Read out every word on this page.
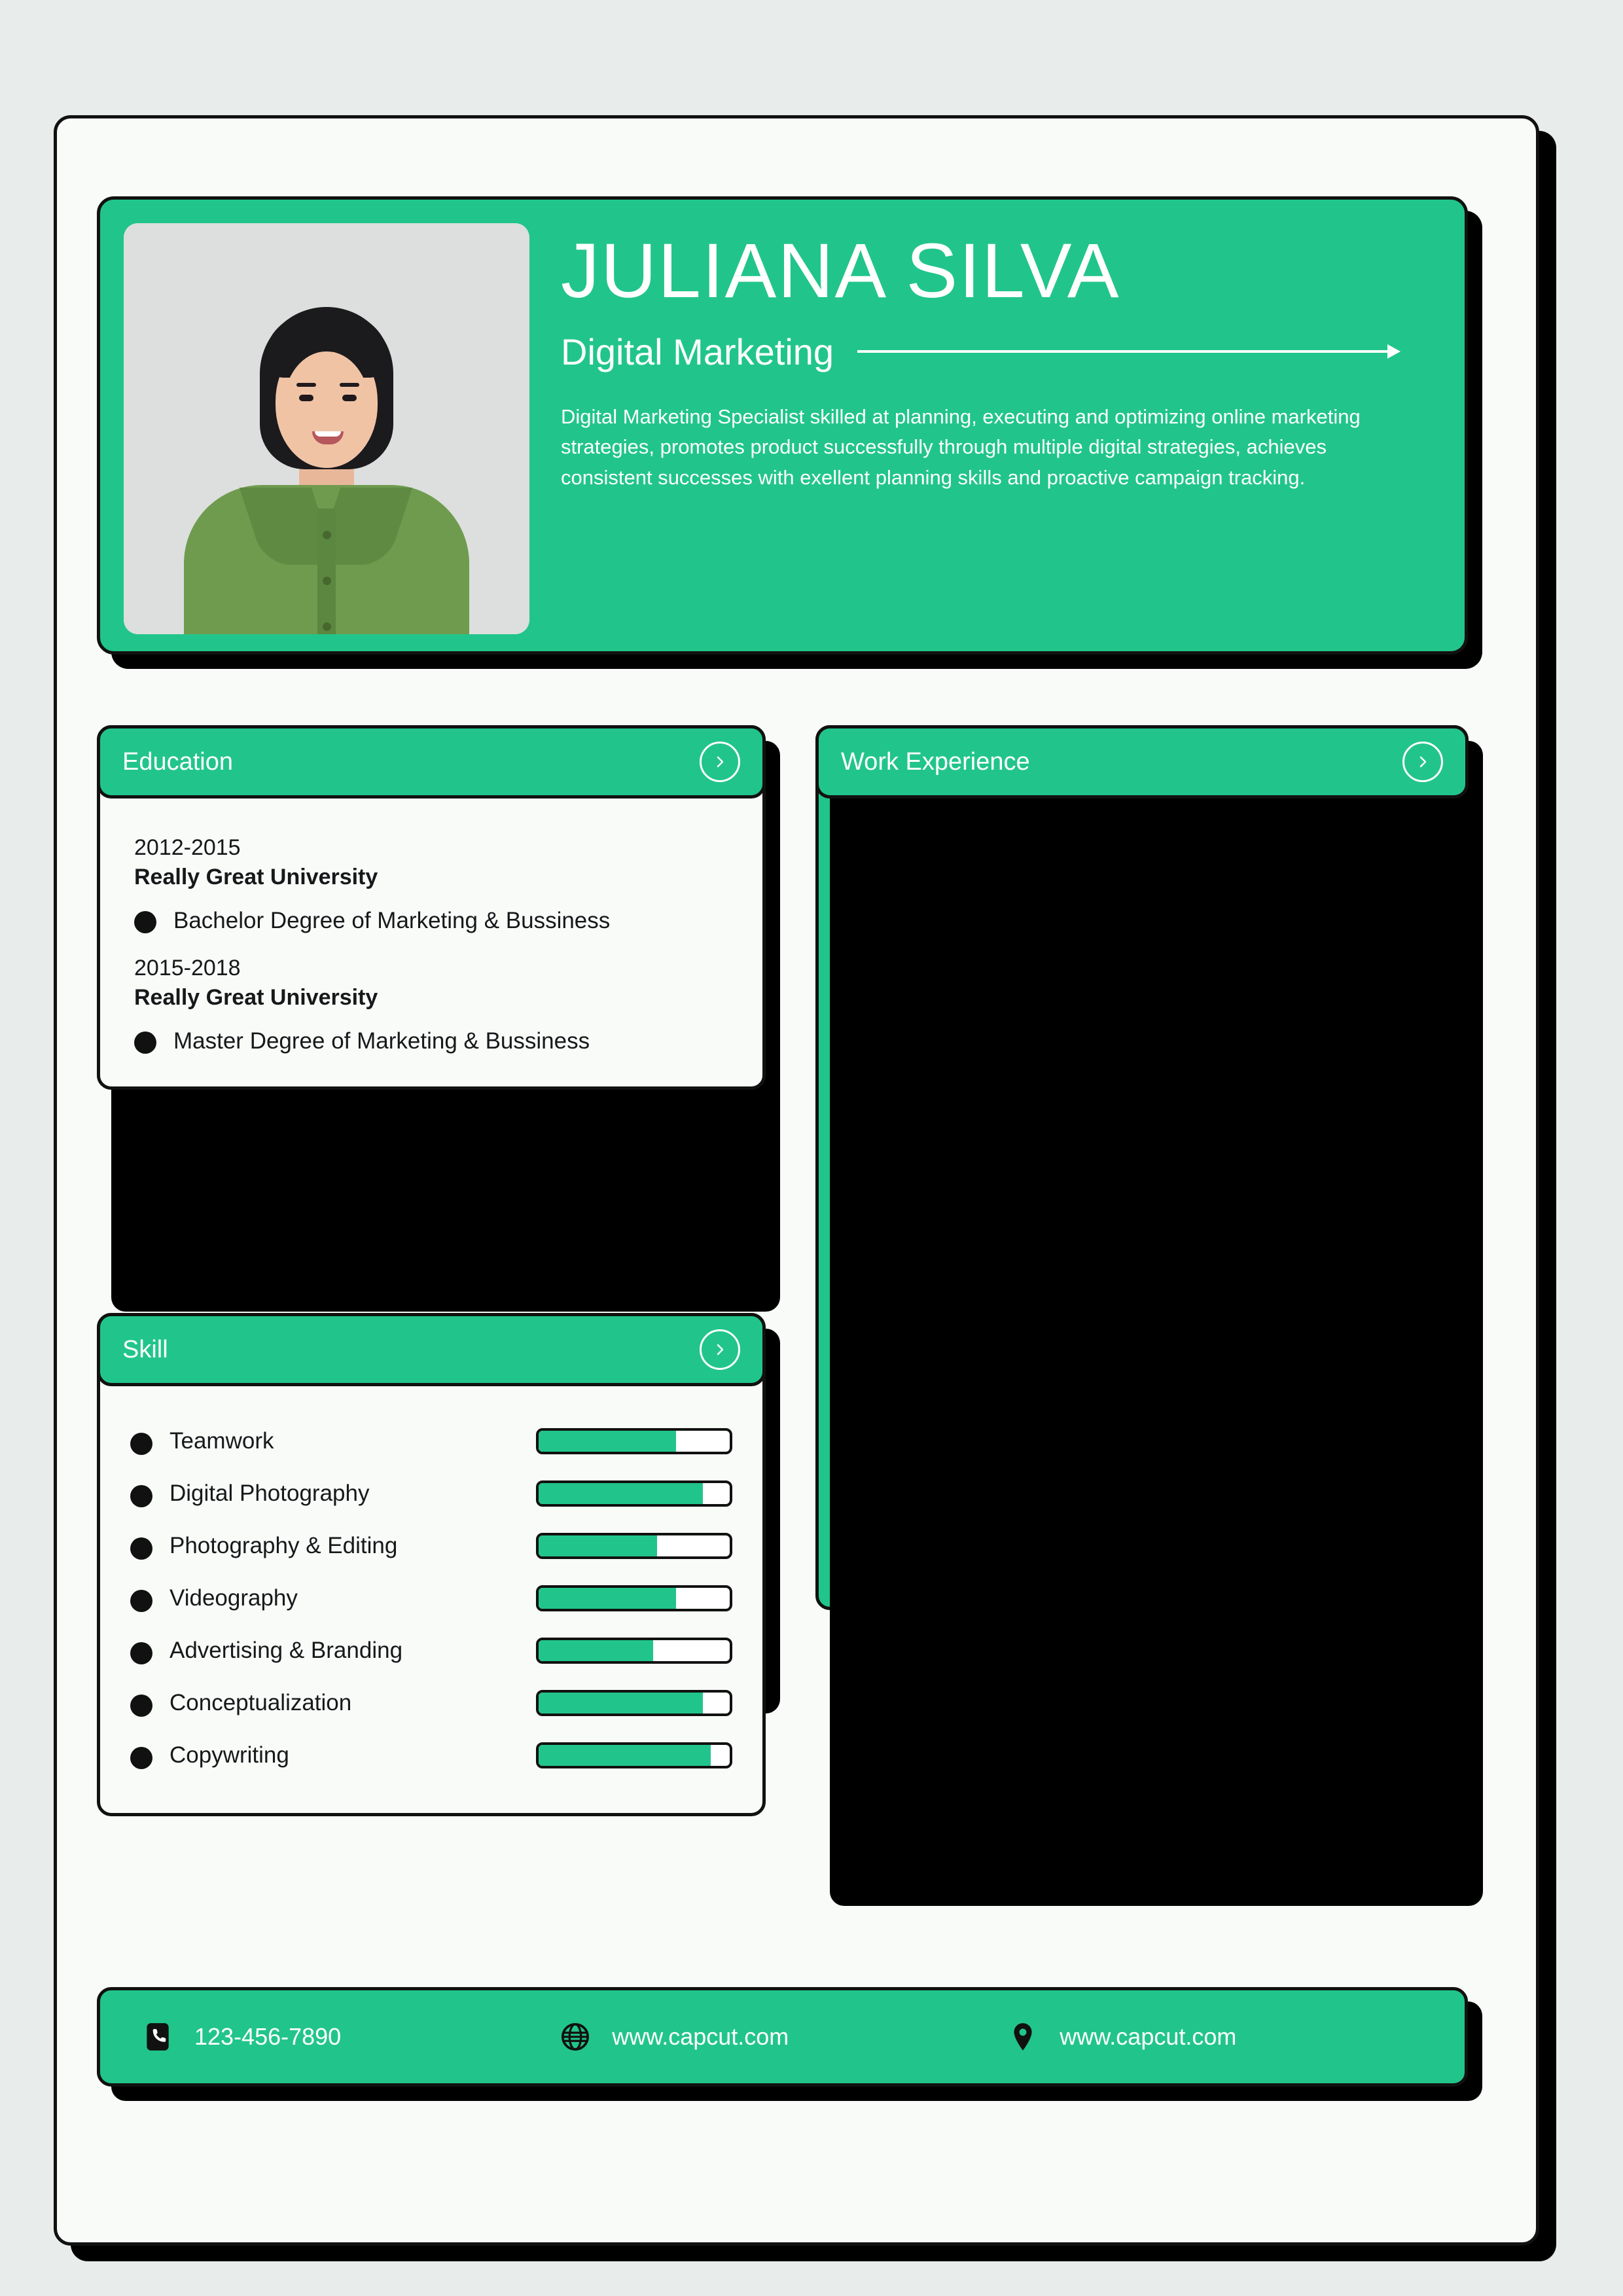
JULIANA SILVA
Digital Marketing
Digital Marketing Specialist skilled at planning, executing and optimizing online marketing strategies, promotes product successfully through multiple digital strategies, achieves consistent successes with exellent planning skills and proactive campaign tracking.
Education
2012-2015
Really Great University
Bachelor Degree of Marketing & Bussiness
2015-2018
Really Great University
Master Degree of Marketing & Bussiness
Skill
Teamwork
Digital Photography
Photography & Editing
Videography
Advertising & Branding
Conceptualization
Copywriting
Work Experience
123-456-7890	www.capcut.com	www.capcut.com
